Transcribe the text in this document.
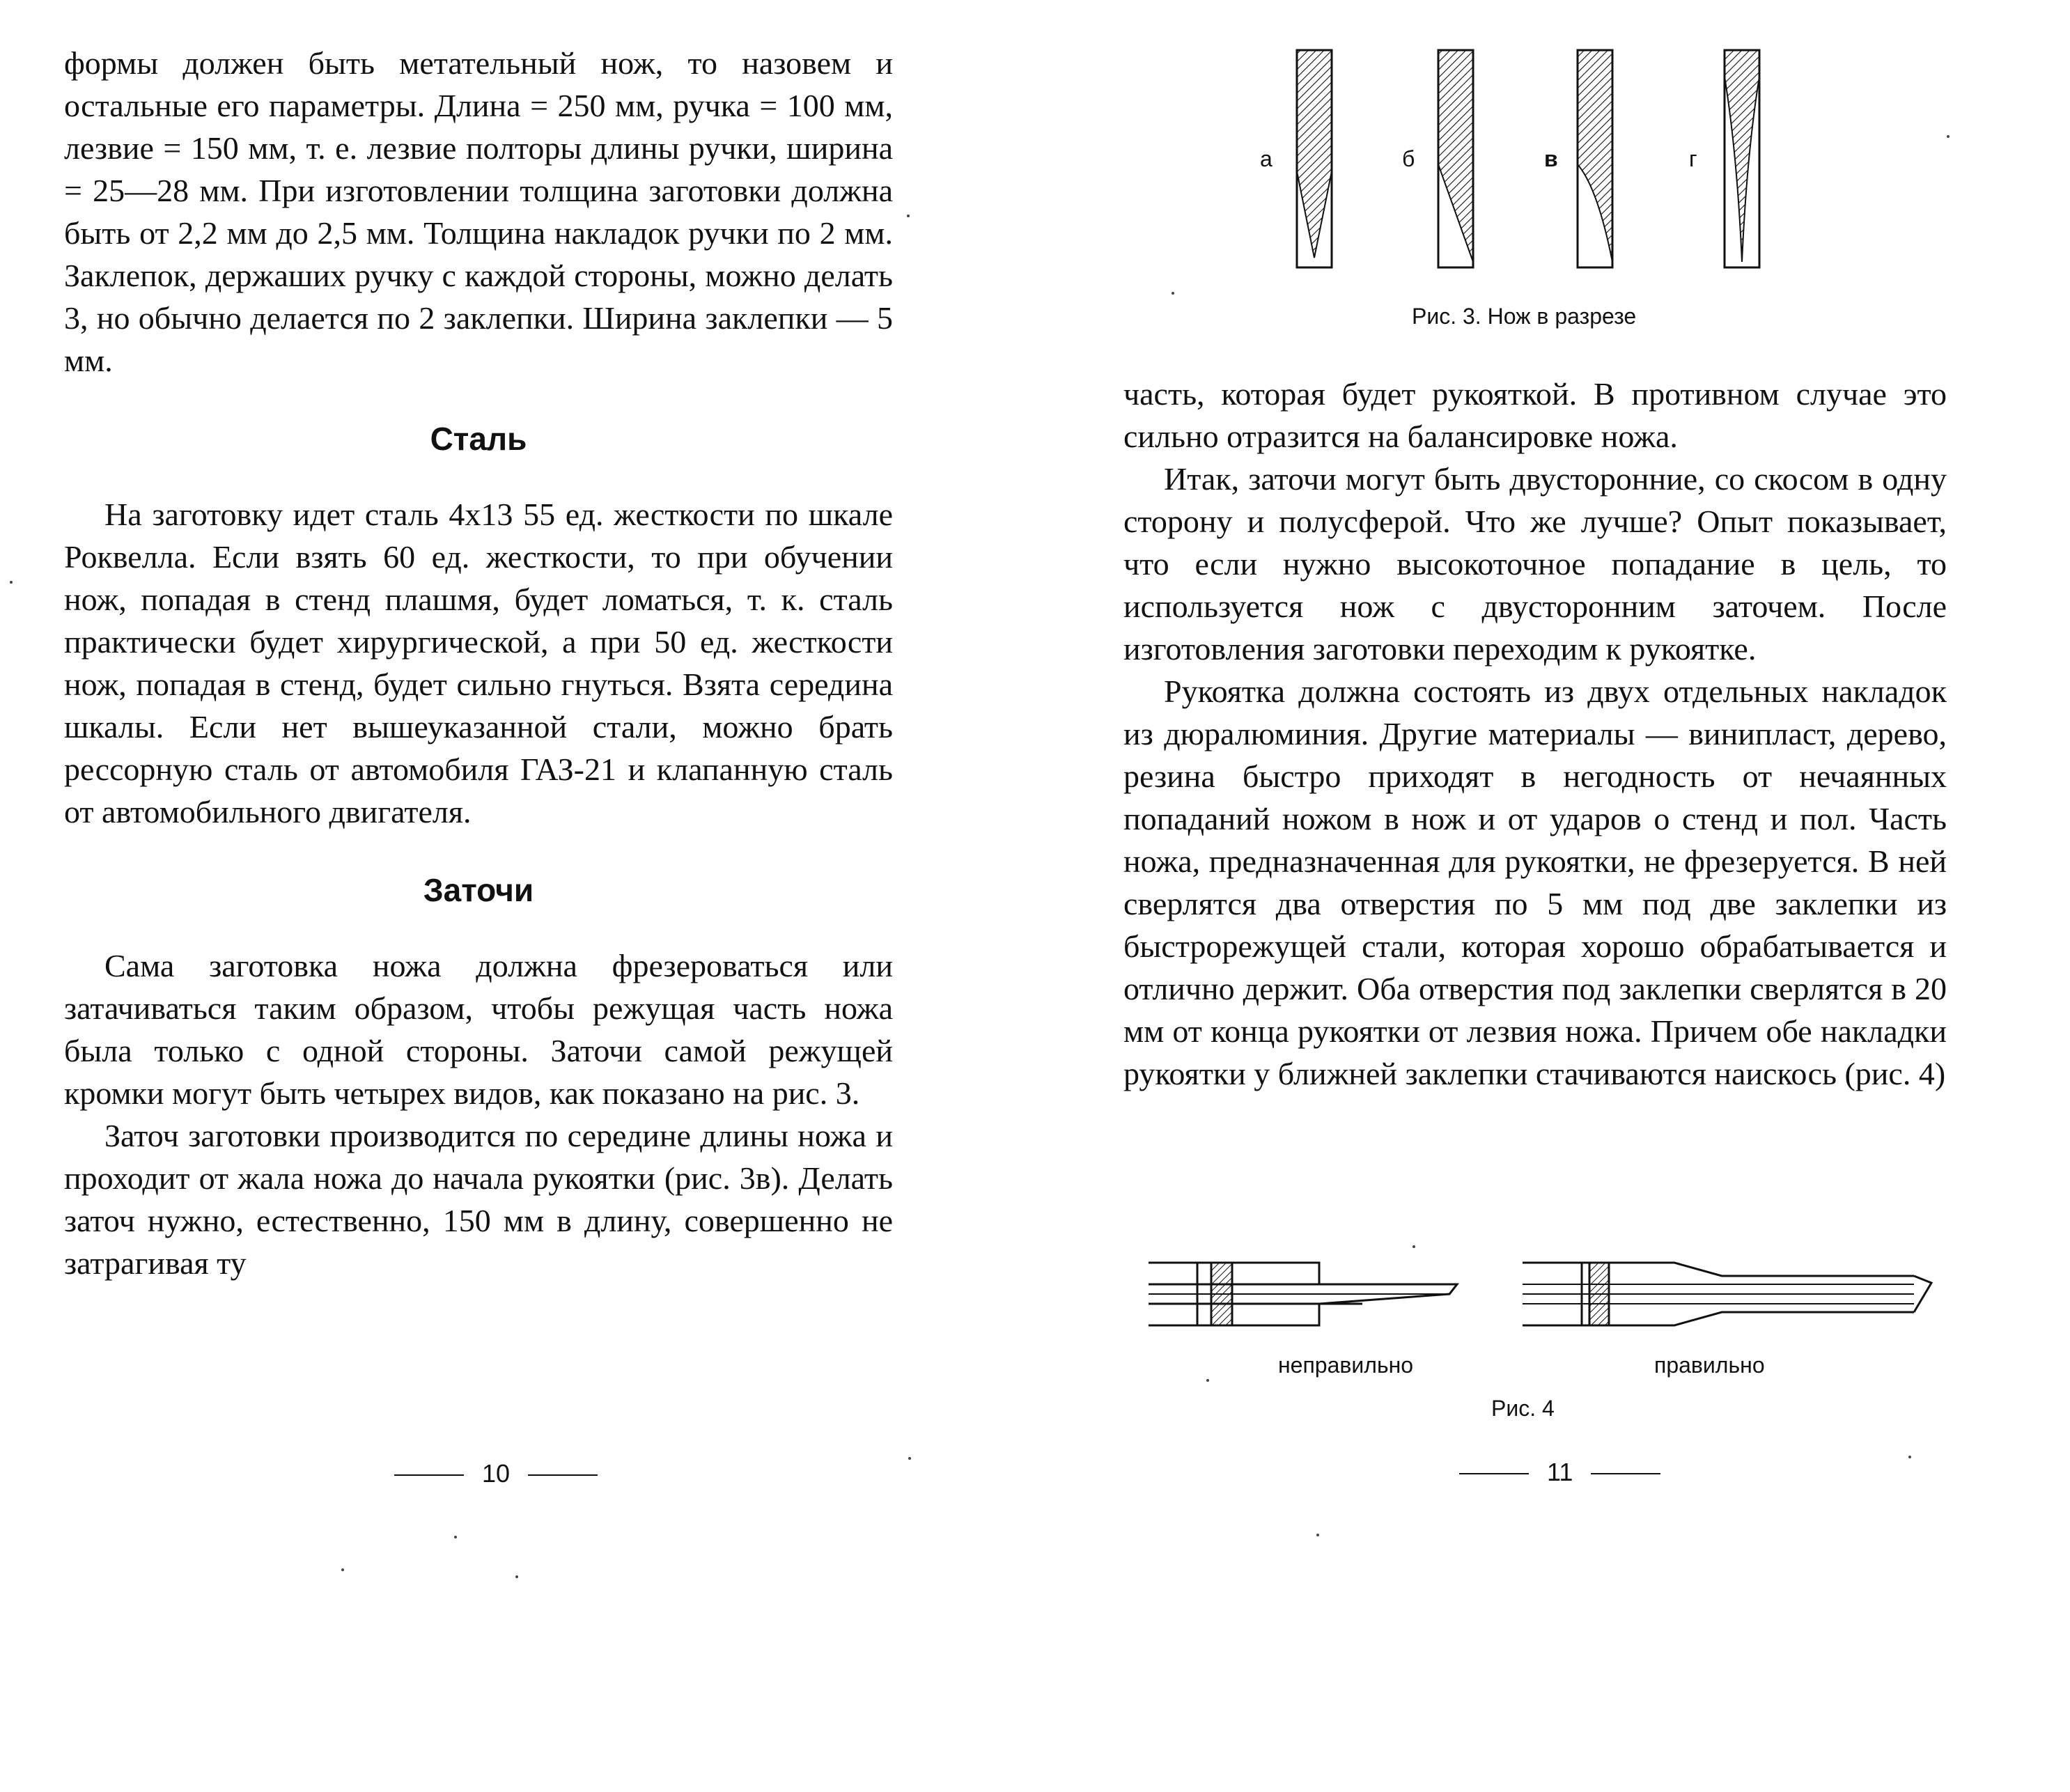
формы должен быть метательный нож, то назовем и остальные его параметры. Длина = 250 мм, ручка = 100 мм, лезвие = 150 мм, т. е. лезвие полторы длины ручки, ширина = 25—28 мм. При изготовлении толщина заготовки должна быть от 2,2 мм до 2,5 мм. Толщина накладок ручки по 2 мм. Заклепок, держаших ручку с каждой стороны, можно делать 3, но обычно делается по 2 заклепки. Ширина заклепки — 5 мм.

Сталь

На заготовку идет сталь 4х13 55 ед. жесткости по шкале Роквелла. Если взять 60 ед. жесткости, то при обучении нож, попадая в стенд плашмя, будет ломаться, т. к. сталь практически будет хирургической, а при 50 ед. жесткости нож, попадая в стенд, будет сильно гнуться. Взята середина шкалы. Если нет вышеуказанной стали, можно брать рессорную сталь от автомобиля ГАЗ-21 и клапанную сталь от автомобильного двигателя.

Заточи

Сама заготовка ножа должна фрезероваться или затачиваться таким образом, чтобы режущая часть ножа была только с одной стороны. Заточи самой режущей кромки могут быть четырех видов, как показано на рис. 3.

Заточ заготовки производится по середине длины ножа и проходит от жала ножа до начала рукоятки (рис. 3в). Делать заточ нужно, естественно, 150 мм в длину, совершенно не затрагивая ту

10
а	б	в	г
Рис. 3. Нож в разрезе

часть, которая будет рукояткой. В противном случае это сильно отразится на балансировке ножа.

Итак, заточи могут быть двусторонние, со скосом в одну сторону и полусферой. Что же лучше? Опыт показывает, что если нужно высокоточное попадание в цель, то используется нож с двусторонним заточем. После изготовления заготовки переходим к рукоятке.

Рукоятка должна состоять из двух отдельных накладок из дюралюминия. Другие материалы — винипласт, дерево, резина быстро приходят в негодность от нечаянных попаданий ножом в нож и от ударов о стенд и пол. Часть ножа, предназначенная для рукоятки, не фрезеруется. В ней сверлятся два отверстия по 5 мм под две заклепки из быстрорежущей стали, которая хорошо обрабатывается и отлично держит. Оба отверстия под заклепки сверлятся в 20 мм от конца рукоятки от лезвия ножа. Причем обе накладки рукоятки у ближней заклепки стачиваются наискось (рис. 4)

неправильно	правильно
Рис. 4
11
